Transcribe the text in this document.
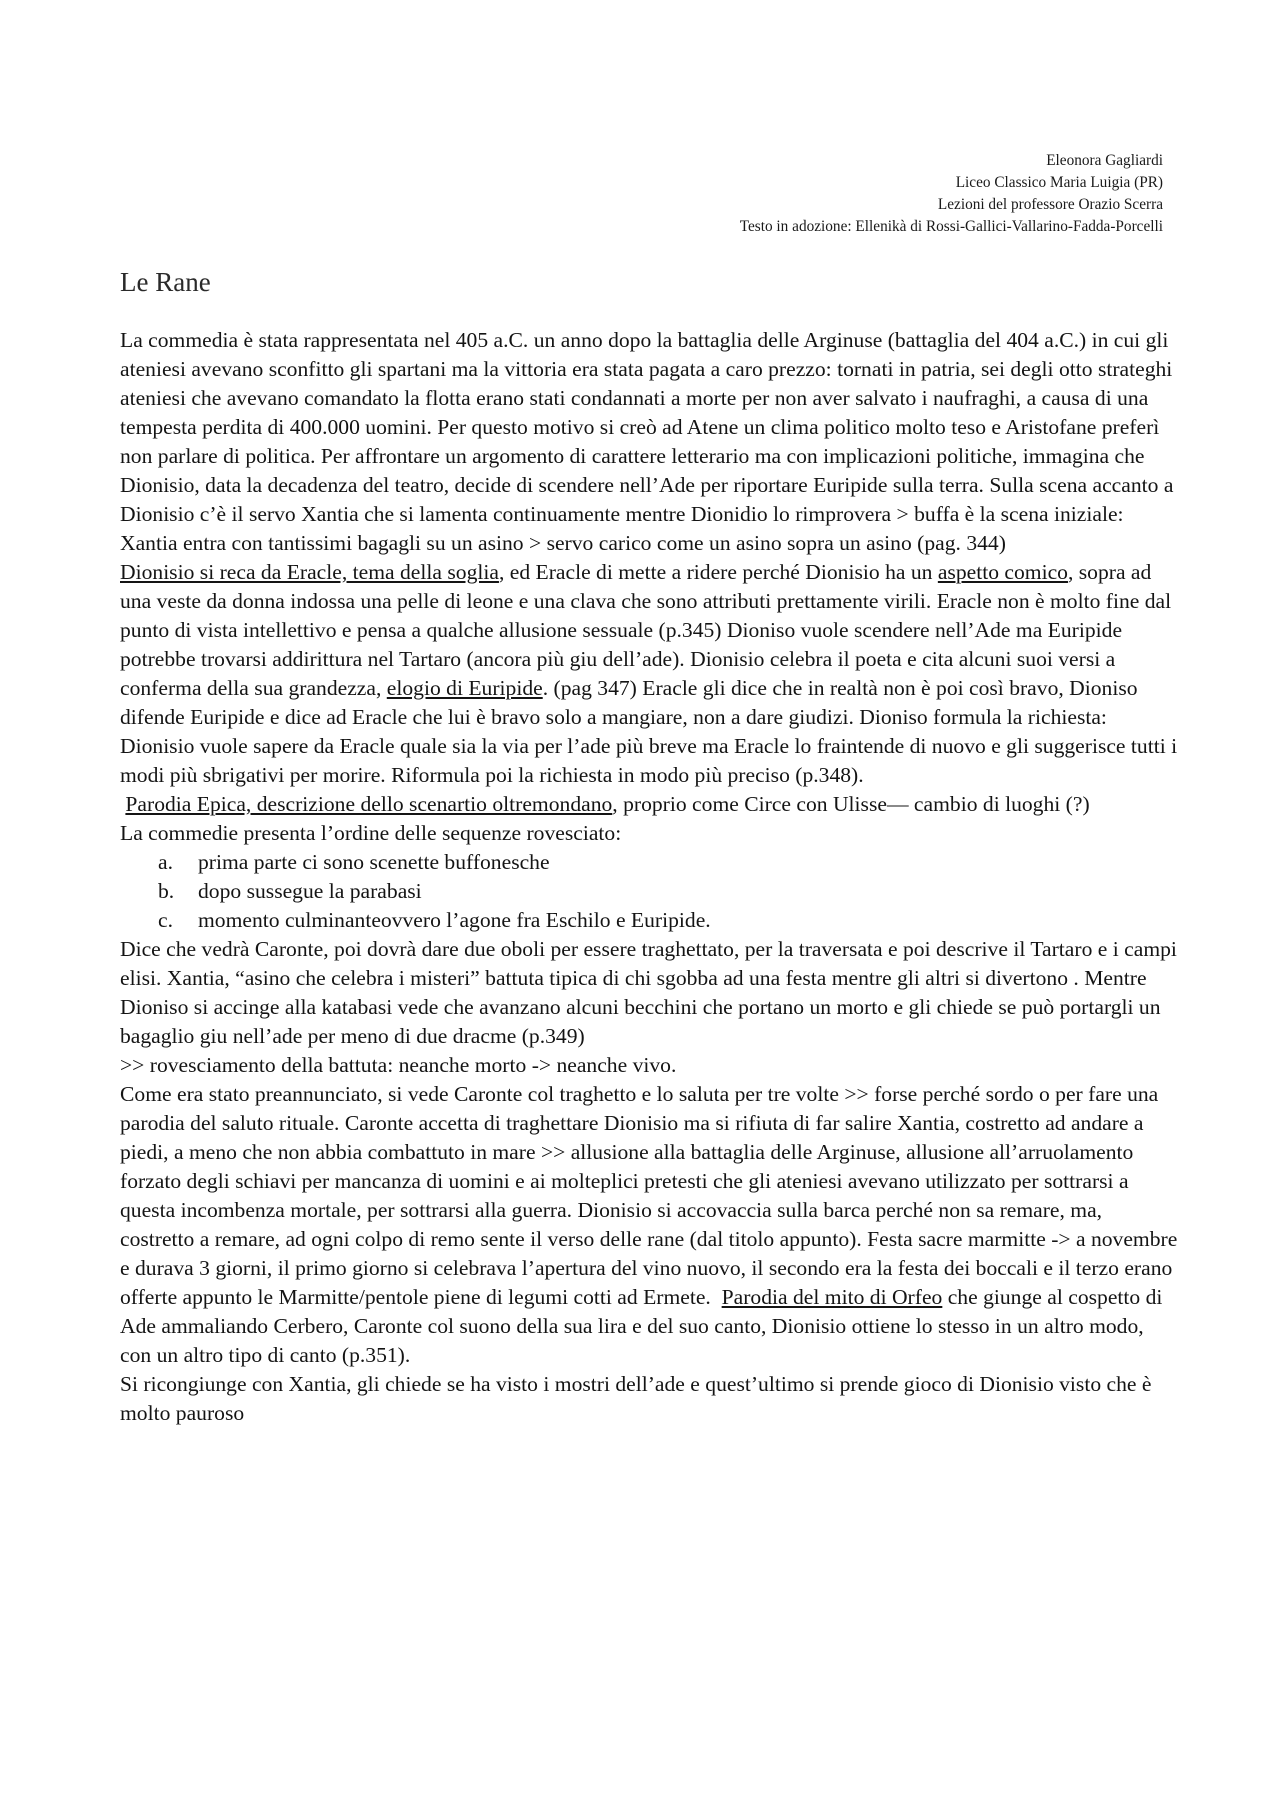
Eleonora Gagliardi
Liceo Classico Maria Luigia (PR)
Lezioni del professore Orazio Scerra
Testo in adozione: Ellenikà di Rossi-Gallici-Vallarino-Fadda-Porcelli
Le Rane

La commedia è stata rappresentata nel 405 a.C. un anno dopo la battaglia delle Arginuse (battaglia del 404 a.C.) in cui gli ateniesi avevano sconfitto gli spartani ma la vittoria era stata pagata a caro prezzo: tornati in patria, sei degli otto strateghi ateniesi che avevano comandato la flotta erano stati condannati a morte per non aver salvato i naufraghi, a causa di una tempesta perdita di 400.000 uomini. Per questo motivo si creò ad Atene un clima politico molto teso e Aristofane preferì non parlare di politica. Per affrontare un argomento di carattere letterario ma con implicazioni politiche, immagina che Dionisio, data la decadenza del teatro, decide di scendere nell’Ade per riportare Euripide sulla terra. Sulla scena accanto a Dionisio c’è il servo Xantia che si lamenta continuamente mentre Dionidio lo rimprovera > buffa è la scena iniziale: Xantia entra con tantissimi bagagli su un asino > servo carico come un asino sopra un asino (pag. 344)

Dionisio si reca da Eracle, tema della soglia, ed Eracle di mette a ridere perché Dionisio ha un aspetto comico, sopra ad una veste da donna indossa una pelle di leone e una clava che sono attributi prettamente virili. Eracle non è molto fine dal punto di vista intellettivo e pensa a qualche allusione sessuale (p.345) Dioniso vuole scendere nell’Ade ma Euripide potrebbe trovarsi addirittura nel Tartaro (ancora più giu dell’ade). Dionisio celebra il poeta e cita alcuni suoi versi a conferma della sua grandezza, elogio di Euripide. (pag 347) Eracle gli dice che in realtà non è poi così bravo, Dioniso difende Euripide e dice ad Eracle che lui è bravo solo a mangiare, non a dare giudizi. Dioniso formula la richiesta: Dionisio vuole sapere da Eracle quale sia la via per l’ade più breve ma Eracle lo fraintende di nuovo e gli suggerisce tutti i modi più sbrigativi per morire. Riformula poi la richiesta in modo più preciso (p.348).

Parodia Epica, descrizione dello scenartio oltremondano, proprio come Circe con Ulisse— cambio di luoghi (?)

La commedie presenta l’ordine delle sequenze rovesciato:

a. prima parte ci sono scenette buffonesche
b. dopo sussegue la parabasi
c. momento culminanteovvero l’agone fra Eschilo e Euripide.

Dice che vedrà Caronte, poi dovrà dare due oboli per essere traghettato, per la traversata e poi descrive il Tartaro e i campi elisi. Xantia, “asino che celebra i misteri” battuta tipica di chi sgobba ad una festa mentre gli altri si divertono . Mentre Dioniso si accinge alla katabasi vede che avanzano alcuni becchini che portano un morto e gli chiede se può portargli un bagaglio giu nell’ade per meno di due dracme (p.349)

>> rovesciamento della battuta: neanche morto -> neanche vivo.

Come era stato preannunciato, si vede Caronte col traghetto e lo saluta per tre volte >> forse perché sordo o per fare una parodia del saluto rituale. Caronte accetta di traghettare Dionisio ma si rifiuta di far salire Xantia, costretto ad andare a piedi, a meno che non abbia combattuto in mare >> allusione alla battaglia delle Arginuse, allusione all’arruolamento forzato degli schiavi per mancanza di uomini e ai molteplici pretesti che gli ateniesi avevano utilizzato per sottrarsi a questa incombenza mortale, per sottrarsi alla guerra. Dionisio si accovaccia sulla barca perché non sa remare, ma, costretto a remare, ad ogni colpo di remo sente il verso delle rane (dal titolo appunto). Festa sacre marmitte -> a novembre e durava 3 giorni, il primo giorno si celebrava l’apertura del vino nuovo, il secondo era la festa dei boccali e il terzo erano offerte appunto le Marmitte/pentole piene di legumi cotti ad Ermete.  Parodia del mito di Orfeo che giunge al cospetto di Ade ammaliando Cerbero, Caronte col suono della sua lira e del suo canto, Dionisio ottiene lo stesso in un altro modo, con un altro tipo di canto (p.351).

Si ricongiunge con Xantia, gli chiede se ha visto i mostri dell’ade e quest’ultimo si prende gioco di Dionisio visto che è molto pauroso
